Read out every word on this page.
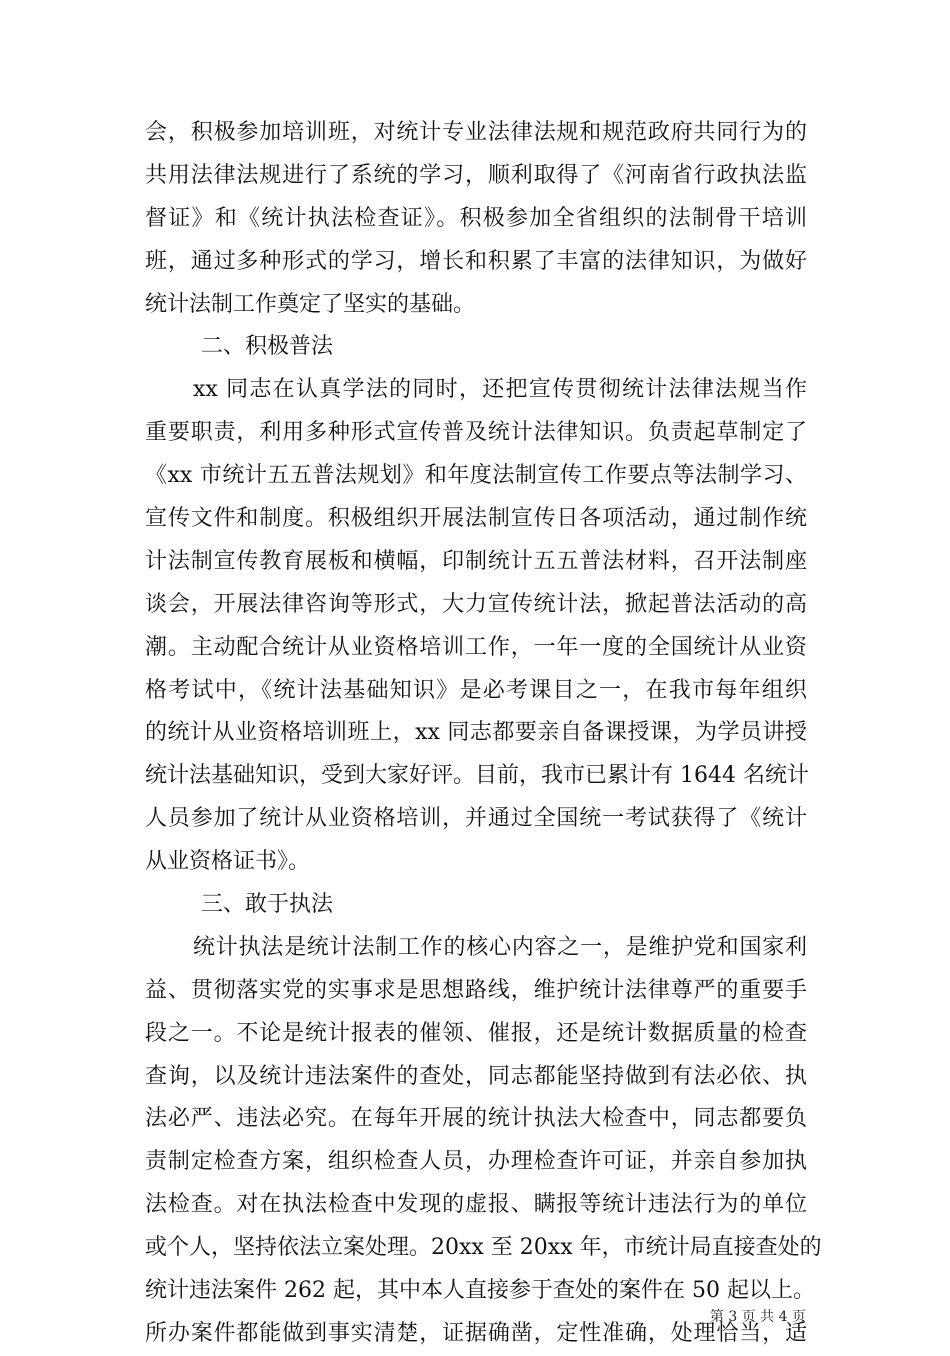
会，积极参加培训班，对统计专业法律法规和规范政府共同行为的
共用法律法规进行了系统的学习，顺利取得了《河南省行政执法监
督证》和《统计执法检查证》。积极参加全省组织的法制骨干培训
班，通过多种形式的学习，增长和积累了丰富的法律知识，为做好
统计法制工作奠定了坚实的基础。
二、积极普法
xx 同志在认真学法的同时，还把宣传贯彻统计法律法规当作
重要职责，利用多种形式宣传普及统计法律知识。负责起草制定了
《xx 市统计五五普法规划》和年度法制宣传工作要点等法制学习、
宣传文件和制度。积极组织开展法制宣传日各项活动，通过制作统
计法制宣传教育展板和横幅，印制统计五五普法材料，召开法制座
谈会，开展法律咨询等形式，大力宣传统计法，掀起普法活动的高
潮。主动配合统计从业资格培训工作，一年一度的全国统计从业资
格考试中，《统计法基础知识》是必考课目之一，在我市每年组织
的统计从业资格培训班上，xx 同志都要亲自备课授课，为学员讲授
统计法基础知识，受到大家好评。目前，我市已累计有 1644 名统计
人员参加了统计从业资格培训，并通过全国统一考试获得了《统计
从业资格证书》。
三、敢于执法
统计执法是统计法制工作的核心内容之一，是维护党和国家利
益、贯彻落实党的实事求是思想路线，维护统计法律尊严的重要手
段之一。不论是统计报表的催领、催报，还是统计数据质量的检查
查询，以及统计违法案件的查处，同志都能坚持做到有法必依、执
法必严、违法必究。在每年开展的统计执法大检查中，同志都要负
责制定检查方案，组织检查人员，办理检查许可证，并亲自参加执
法检查。对在执法检查中发现的虚报、瞒报等统计违法行为的单位
或个人，坚持依法立案处理。20xx 至 20xx 年，市统计局直接查处的
统计违法案件 262 起，其中本人直接参于查处的案件在 50 起以上。
所办案件都能做到事实清楚，证据确凿，定性准确，处理恰当，适
第 3 页 共 4 页
